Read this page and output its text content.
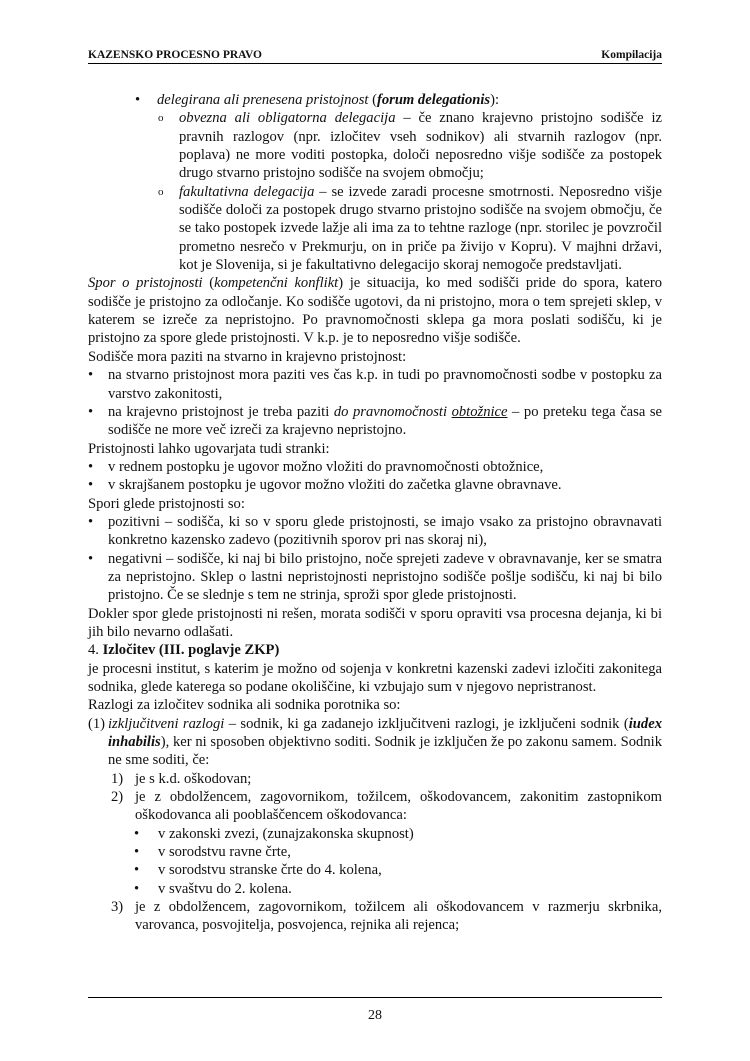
KAZENSKO PROCESNO PRAVO	Kompilacija
• delegirana ali prenesena pristojnost (forum delegationis):
o obvezna ali obligatorna delegacija – če znano krajevno pristojno sodišče iz pravnih razlogov (npr. izločitev vseh sodnikov) ali stvarnih razlogov (npr. poplava) ne more voditi postopka, določi neposredno višje sodišče za postopek drugo stvarno pristojno sodišče na svojem območju;
o fakultativna delegacija – se izvede zaradi procesne smotrnosti. Neposredno višje sodišče določi za postopek drugo stvarno pristojno sodišče na svojem območju, če se tako postopek izvede lažje ali ima za to tehtne razloge (npr. storilec je povzročil prometno nesrečo v Prekmurju, on in priče pa živijo v Kopru). V majhni državi, kot je Slovenija, si je fakultativno delegacijo skoraj nemogoče predstavljati.

Spor o pristojnosti (kompetenčni konflikt) je situacija, ko med sodišči pride do spora, katero sodišče je pristojno za odločanje. Ko sodišče ugotovi, da ni pristojno, mora o tem sprejeti sklep, v katerem se izreče za nepristojno. Po pravnomočnosti sklepa ga mora poslati sodišču, ki je pristojno za spore glede pristojnosti. V k.p. je to neposredno višje sodišče.

Sodišče mora paziti na stvarno in krajevno pristojnost:

• na stvarno pristojnost mora paziti ves čas k.p. in tudi po pravnomočnosti sodbe v postopku za varstvo zakonitosti,
• na krajevno pristojnost je treba paziti do pravnomočnosti obtožnice – po preteku tega časa se sodišče ne more več izreči za krajevno nepristojno.

Pristojnosti lahko ugovarjata tudi stranki:

• v rednem postopku je ugovor možno vložiti do pravnomočnosti obtožnice,
• v skrajšanem postopku je ugovor možno vložiti do začetka glavne obravnave.

Spori glede pristojnosti so:

• pozitivni – sodišča, ki so v sporu glede pristojnosti, se imajo vsako za pristojno obravnavati konkretno kazensko zadevo (pozitivnih sporov pri nas skoraj ni),
• negativni – sodišče, ki naj bi bilo pristojno, noče sprejeti zadeve v obravnavanje, ker se smatra za nepristojno. Sklep o lastni nepristojnosti nepristojno sodišče pošlje sodišču, ki naj bi bilo pristojno. Če se slednje s tem ne strinja, sproži spor glede pristojnosti.

Dokler spor glede pristojnosti ni rešen, morata sodišči v sporu opraviti vsa procesna dejanja, ki bi jih bilo nevarno odlašati.

4. Izločitev (III. poglavje ZKP)

je procesni institut, s katerim je možno od sojenja v konkretni kazenski zadevi izločiti zakonitega sodnika, glede katerega so podane okoliščine, ki vzbujajo sum v njegovo nepristranost.

Razlogi za izločitev sodnika ali sodnika porotnika so:

(1) izključitveni razlogi – sodnik, ki ga zadanejo izključitveni razlogi, je izključeni sodnik (iudex inhabilis), ker ni sposoben objektivno soditi. Sodnik je izključen že po zakonu samem. Sodnik ne sme soditi, če:
1) je s k.d. oškodovan;
2) je z obdolžencem, zagovornikom, tožilcem, oškodovancem, zakonitim zastopnikom oškodovanca ali pooblaščencem oškodovanca:
• v zakonski zvezi, (zunajzakonska skupnost)
• v sorodstvu ravne črte,
• v sorodstvu stranske črte do 4. kolena,
• v svaštvu do 2. kolena.
3) je z obdolžencem, zagovornikom, tožilcem ali oškodovancem v razmerju skrbnika, varovanca, posvojitelja, posvojenca, rejnika ali rejenca;
28
